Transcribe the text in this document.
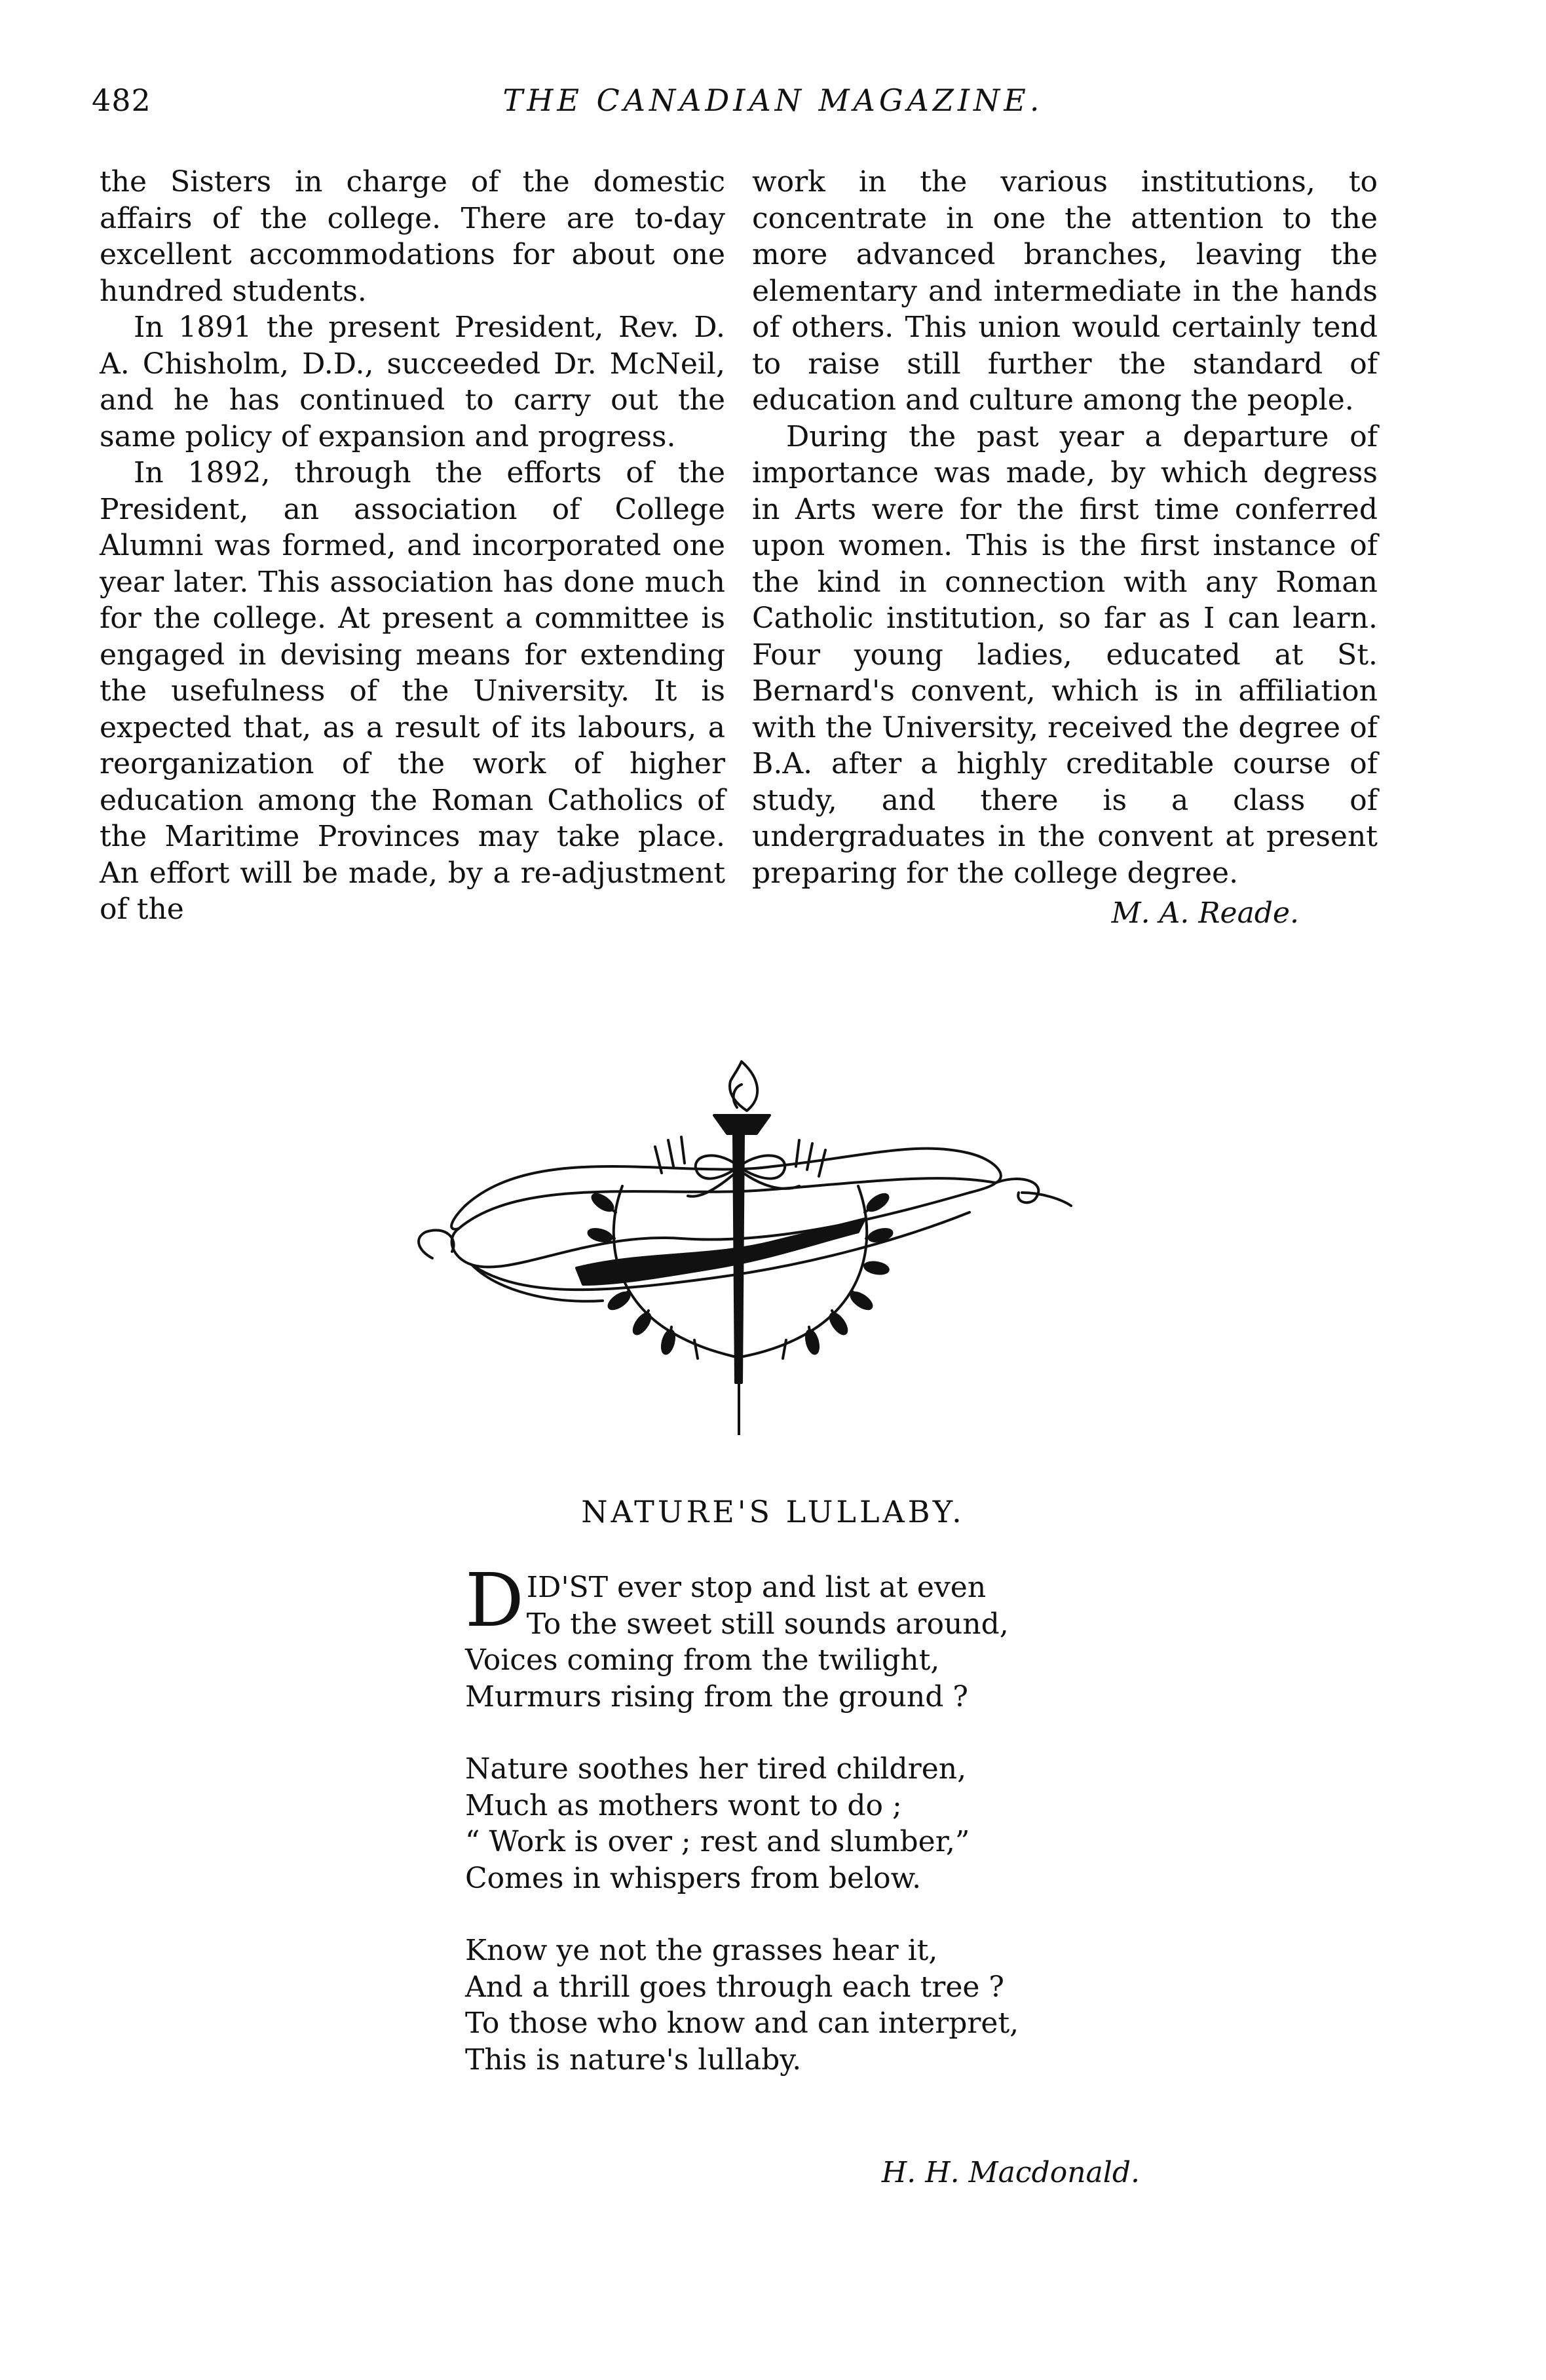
482	THE CANADIAN MAGAZINE.

the Sisters in charge of the domestic affairs of the college. There are to-day excellent accommodations for about one hundred students.

In 1891 the present President, Rev. D. A. Chisholm, D.D., succeeded Dr. McNeil, and he has continued to carry out the same policy of expansion and progress.

In 1892, through the efforts of the President, an association of College Alumni was formed, and incorporated one year later. This association has done much for the college. At present a committee is engaged in devising means for extending the usefulness of the University. It is expected that, as a result of its labours, a reorganization of the work of higher education among the Roman Catholics of the Maritime Provinces may take place. An effort will be made, by a re-adjustment of the

work in the various institutions, to concentrate in one the attention to the more advanced branches, leaving the elementary and intermediate in the hands of others. This union would certainly tend to raise still further the standard of education and culture among the people.

During the past year a departure of importance was made, by which degress in Arts were for the first time conferred upon women. This is the first instance of the kind in connection with any Roman Catholic institution, so far as I can learn. Four young ladies, educated at St. Bernard's convent, which is in affiliation with the University, received the degree of B.A. after a highly creditable course of study, and there is a class of undergraduates in the convent at present preparing for the college degree.

M. A. Reade.
NATURE'S LULLABY.
DID'ST ever stop and list at even
To the sweet still sounds around,
Voices coming from the twilight,
Murmurs rising from the ground ?
Nature soothes her tired children,
Much as mothers wont to do ;
“ Work is over ; rest and slumber,”
Comes in whispers from below.
Know ye not the grasses hear it,
And a thrill goes through each tree ?
To those who know and can interpret,
This is nature's lullaby.
H. H. Macdonald.
